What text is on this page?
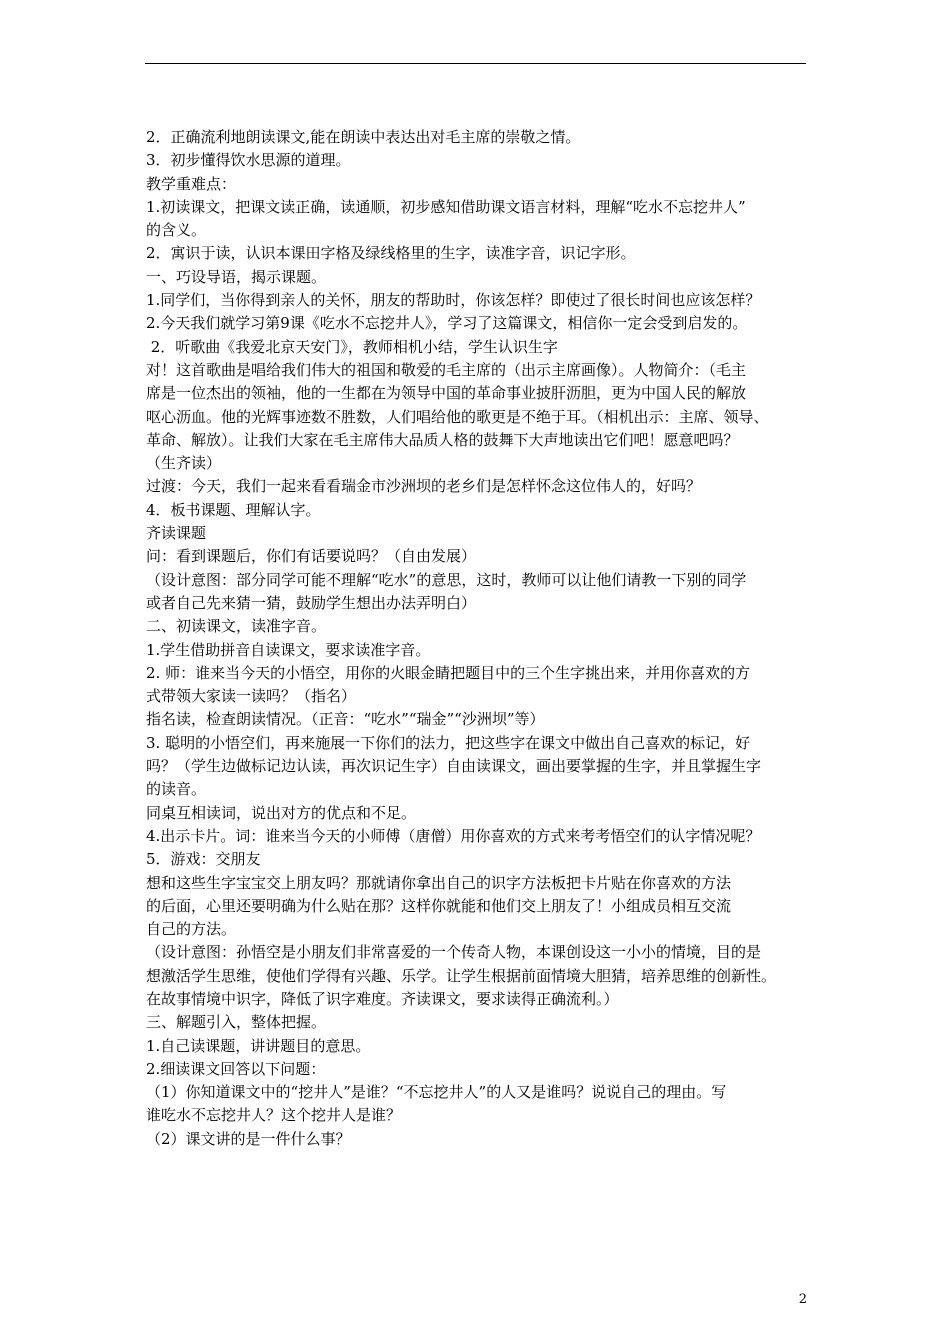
2．正确流利地朗读课文,能在朗读中表达出对毛主席的崇敬之情。
3．初步懂得饮水思源的道理。
教学重难点：
1.初读课文，把课文读正确，读通顺，初步感知借助课文语言材料，理解“吃水不忘挖井人”
的含义。
2．寓识于读，认识本课田字格及绿线格里的生字，读准字音，识记字形。
一、巧设导语，揭示课题。
1.同学们，当你得到亲人的关怀，朋友的帮助时，你该怎样？即使过了很长时间也应该怎样？
2.今天我们就学习第9课《吃水不忘挖井人》，学习了这篇课文，相信你一定会受到启发的。
2．听歌曲《我爱北京天安门》，教师相机小结，学生认识生字
对！这首歌曲是唱给我们伟大的祖国和敬爱的毛主席的（出示主席画像）。人物简介：（毛主
席是一位杰出的领袖，他的一生都在为领导中国的革命事业披肝沥胆，更为中国人民的解放
呕心沥血。他的光辉事迹数不胜数，人们唱给他的歌更是不绝于耳。（相机出示：主席、领导、
革命、解放）。让我们大家在毛主席伟大品质人格的鼓舞下大声地读出它们吧！愿意吧吗？
（生齐读）
过渡：今天，我们一起来看看瑞金市沙洲坝的老乡们是怎样怀念这位伟人的，好吗？
4．板书课题、理解认字。
齐读课题
问：看到课题后，你们有话要说吗？（自由发展）
（设计意图：部分同学可能不理解“吃水”的意思，这时，教师可以让他们请教一下别的同学
或者自己先来猜一猜，鼓励学生想出办法弄明白）
二、初读课文，读准字音。
1.学生借助拼音自读课文，要求读准字音。
2. 师：谁来当今天的小悟空，用你的火眼金睛把题目中的三个生字挑出来，并用你喜欢的方
式带领大家读一读吗？（指名）
指名读，检查朗读情况。（正音：“吃水”“瑞金”“沙洲坝”等）
3. 聪明的小悟空们，再来施展一下你们的法力，把这些字在课文中做出自己喜欢的标记，好
吗？（学生边做标记边认读，再次识记生字）自由读课文，画出要掌握的生字，并且掌握生字
的读音。
同桌互相读词，说出对方的优点和不足。
4.出示卡片。词：谁来当今天的小师傅（唐僧）用你喜欢的方式来考考悟空们的认字情况呢？
5．游戏：交朋友
想和这些生字宝宝交上朋友吗？那就请你拿出自己的识字方法板把卡片贴在你喜欢的方法
的后面，心里还要明确为什么贴在那？这样你就能和他们交上朋友了！小组成员相互交流
自己的方法。
（设计意图：孙悟空是小朋友们非常喜爱的一个传奇人物，本课创设这一小小的情境，目的是
想激活学生思维，使他们学得有兴趣、乐学。让学生根据前面情境大胆猜，培养思维的创新性。
在故事情境中识字，降低了识字难度。齐读课文，要求读得正确流利。）
三、解题引入，整体把握。
1.自己读课题，讲讲题目的意思。
2.细读课文回答以下问题：
（1）你知道课文中的“挖井人”是谁？“不忘挖井人”的人又是谁吗？说说自己的理由。写
谁吃水不忘挖井人？这个挖井人是谁？
（2）课文讲的是一件什么事？
2
